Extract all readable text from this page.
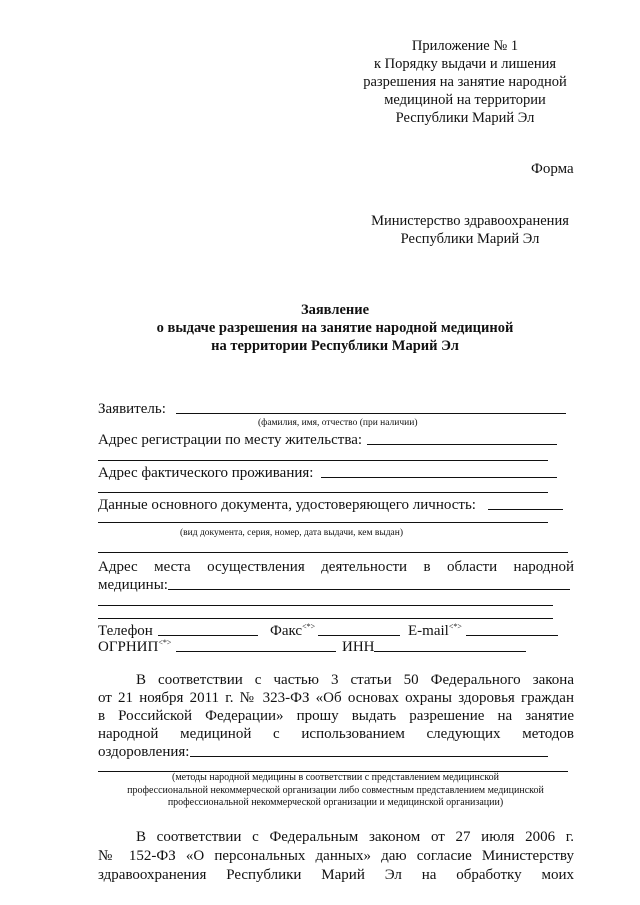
Приложение № 1
к Порядку выдачи и лишения
разрешения на занятие народной
медициной на территории
Республики Марий Эл
Форма
Министерство здравоохранения
Республики Марий Эл
Заявление
о выдаче разрешения на занятие народной медициной
на территории Республики Марий Эл
Заявитель:
(фамилия, имя, отчество (при наличии)
Адрес регистрации по месту жительства:
Адрес фактического проживания:
Данные основного документа, удостоверяющего личность:
(вид документа, серия, номер, дата выдачи, кем выдан)
Адрес места осуществления деятельности в области народной
медицины:
Телефон	Факс<*>	E-mail<*>
ОГРНИП<*>	ИНН
В соответствии с частью 3 статьи 50 Федерального закона
от 21 ноября 2011 г. № 323-ФЗ «Об основах охраны здоровья граждан
в Российской Федерации» прошу выдать разрешение на занятие
народной медициной с использованием следующих методов
оздоровления:
(методы народной медицины в соответствии с представлением медицинской
профессиональной некоммерческой организации либо совместным представлением медицинской
профессиональной некоммерческой организации и медицинской организации)
В соответствии с Федеральным законом от 27 июля 2006 г.
№ 152-ФЗ «О персональных данных» даю согласие Министерству
здравоохранения Республики Марий Эл на обработку моих
